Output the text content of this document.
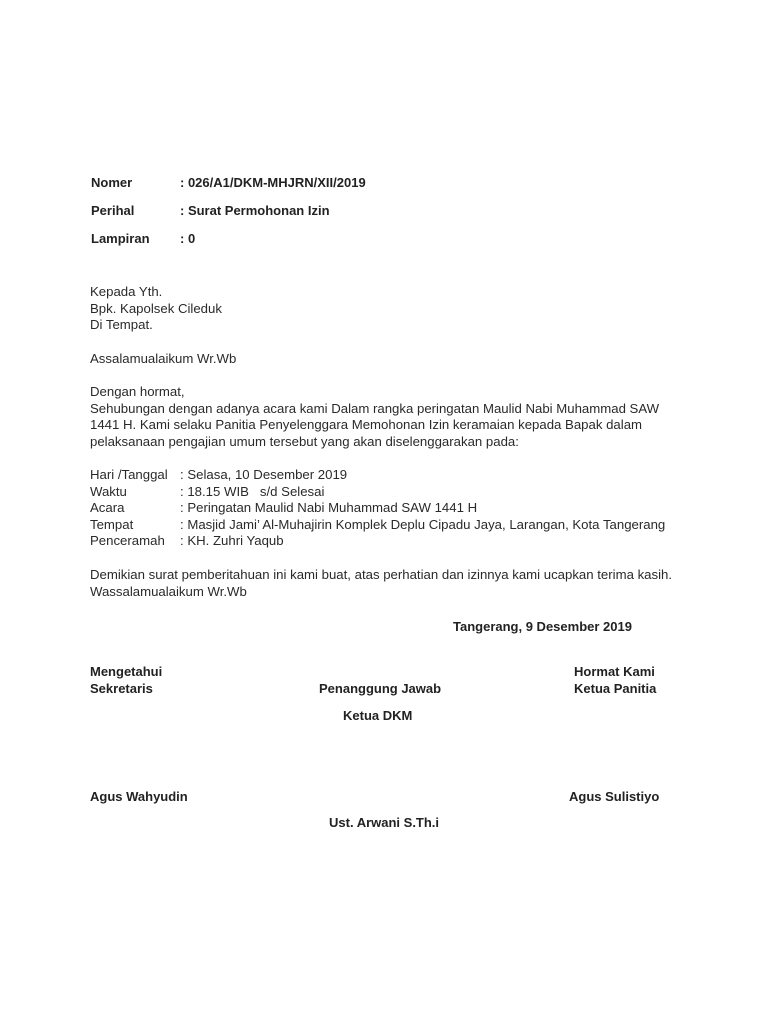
Nomer	: 026/A1/DKM-MHJRN/XII/2019
Perihal	: Surat Permohonan Izin
Lampiran : 0
Kepada Yth.
Bpk. Kapolsek Cileduk
Di Tempat.
Assalamualaikum Wr.Wb
Dengan hormat,
Sehubungan dengan adanya acara kami Dalam rangka peringatan Maulid Nabi Muhammad SAW
1441 H. Kami selaku Panitia Penyelenggara Memohonan Izin keramaian kepada Bapak dalam
pelaksanaan pengajian umum tersebut yang akan diselenggarakan pada:
Hari /Tanggal : Selasa, 10 Desember 2019
Waktu	: 18.15 WIB   s/d Selesai
Acara	: Peringatan Maulid Nabi Muhammad SAW 1441 H
Tempat	: Masjid Jami’ Al-Muhajirin Komplek Deplu Cipadu Jaya, Larangan, Kota Tangerang
Penceramah : KH. Zuhri Yaqub
Demikian surat pemberitahuan ini kami buat, atas perhatian dan izinnya kami ucapkan terima kasih.
Wassalamualaikum Wr.Wb
Tangerang, 9 Desember 2019
Mengetahui
Sekretaris
Agus Wahyudin
Penanggung Jawab
Ketua DKM
Ust. Arwani S.Th.i
Hormat Kami
Ketua Panitia
Agus Sulistiyo
